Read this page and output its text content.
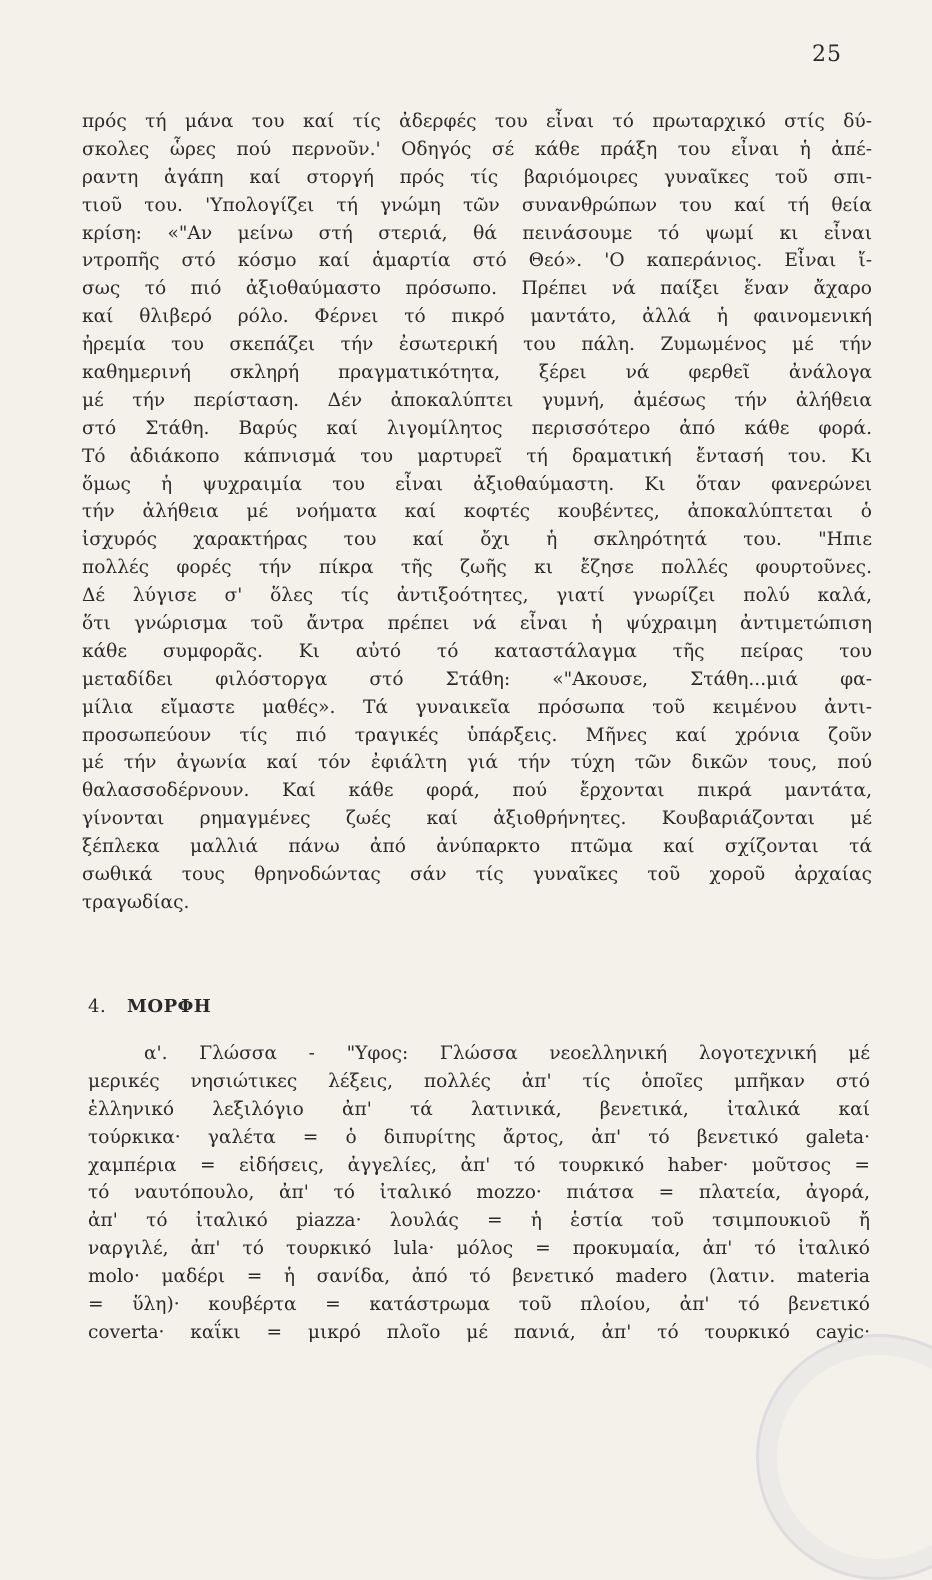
25
πρός τή μάνα του καί τίς ἀδερφές του εἶναι τό πρωταρχικό στίς δύ-
σκολες ὧρες πού περνοῦν.' Οδηγός σέ κάθε πράξη του εἶναι ἡ ἀπέ-
ραντη ἀγάπη καί στοργή πρός τίς βαριόμοιρες γυναῖκες τοῦ σπι-
τιοῦ του. 'Υπολογίζει τή γνώμη τῶν συνανθρώπων του καί τή θεία
κρίση: «"Αν μείνω στή στεριά, θά πεινάσουμε τό ψωμί κι εἶναι
ντροπῆς στό κόσμο καί ἁμαρτία στό Θεό». 'Ο καπεράνιος. Εἶναι ἴ-
σως τό πιό ἀξιοθαύμαστο πρόσωπο. Πρέπει νά παίξει ἕναν ἄχαρο
καί θλιβερό ρόλο. Φέρνει τό πικρό μαντάτο, ἀλλά ἡ φαινομενική
ἠρεμία του σκεπάζει τήν ἐσωτερική του πάλη. Ζυμωμένος μέ τήν
καθημερινή σκληρή πραγματικότητα, ξέρει νά φερθεῖ ἀνάλογα
μέ τήν περίσταση. Δέν ἀποκαλύπτει γυμνή, ἀμέσως τήν ἀλήθεια
στό Στάθη. Βαρύς καί λιγομίλητος περισσότερο ἀπό κάθε φορά.
Τό ἀδιάκοπο κάπνισμά του μαρτυρεῖ τή δραματική ἔντασή του. Κι
ὅμως ἡ ψυχραιμία του εἶναι ἀξιοθαύμαστη. Κι ὅταν φανερώνει
τήν ἀλήθεια μέ νοήματα καί κοφτές κουβέντες, ἀποκαλύπτεται ὁ
ἰσχυρός χαρακτήρας του καί ὄχι ἡ σκληρότητά του. "Ηπιε
πολλές φορές τήν πίκρα τῆς ζωῆς κι ἔζησε πολλές φουρτοῦνες.
Δέ λύγισε σ' ὅλες τίς ἀντιξοότητες, γιατί γνωρίζει πολύ καλά,
ὅτι γνώρισμα τοῦ ἄντρα πρέπει νά εἶναι ἡ ψύχραιμη ἀντιμετώπιση
κάθε συμφορᾶς. Κι αὐτό τό καταστάλαγμα τῆς πείρας του
μεταδίδει φιλόστοργα στό Στάθη: «"Ακουσε, Στάθη...μιά φα-
μίλια εἴμαστε μαθές». Τά γυναικεῖα πρόσωπα τοῦ κειμένου ἀντι-
προσωπεύουν τίς πιό τραγικές ὑπάρξεις. Μῆνες καί χρόνια ζοῦν
μέ τήν ἀγωνία καί τόν ἐφιάλτη γιά τήν τύχη τῶν δικῶν τους, πού
θαλασσοδέρνουν. Καί κάθε φορά, πού ἔρχονται πικρά μαντάτα,
γίνονται ρημαγμένες ζωές καί ἀξιοθρήνητες. Κουβαριάζονται μέ
ξέπλεκα μαλλιά πάνω ἀπό ἀνύπαρκτο πτῶμα καί σχίζονται τά
σωθικά τους θρηνοδώντας σάν τίς γυναῖκες τοῦ χοροῦ ἀρχαίας
τραγωδίας.
4. ΜΟΡΦΗ
α'. Γλώσσα - "Υφος: Γλώσσα νεοελληνική λογοτεχνική μέ
μερικές νησιώτικες λέξεις, πολλές ἀπ' τίς ὁποῖες μπῆκαν στό
ἑλληνικό λεξιλόγιο ἀπ' τά λατινικά, βενετικά, ἰταλικά καί
τούρκικα· γαλέτα = ὁ διπυρίτης ἄρτος, ἀπ' τό βενετικό galeta·
χαμπέρια = εἰδήσεις, ἀγγελίες, ἀπ' τό τουρκικό haber· μοῦτσος =
τό ναυτόπουλο, ἀπ' τό ἰταλικό mozzo· πιάτσα = πλατεία, ἀγορά,
ἀπ' τό ἰταλικό piazza· λουλάς = ἡ ἑστία τοῦ τσιμπουκιοῦ ἤ
ναργιλέ, ἀπ' τό τουρκικό lula· μόλος = προκυμαία, ἀπ' τό ἰταλικό
molo· μαδέρι = ἡ σανίδα, ἀπό τό βενετικό madero (λατιν. materia
= ὕλη)· κουβέρτα = κατάστρωμα τοῦ πλοίου, ἀπ' τό βενετικό
coverta· καΐκι = μικρό πλοῖο μέ πανιά, ἀπ' τό τουρκικό cayic·
